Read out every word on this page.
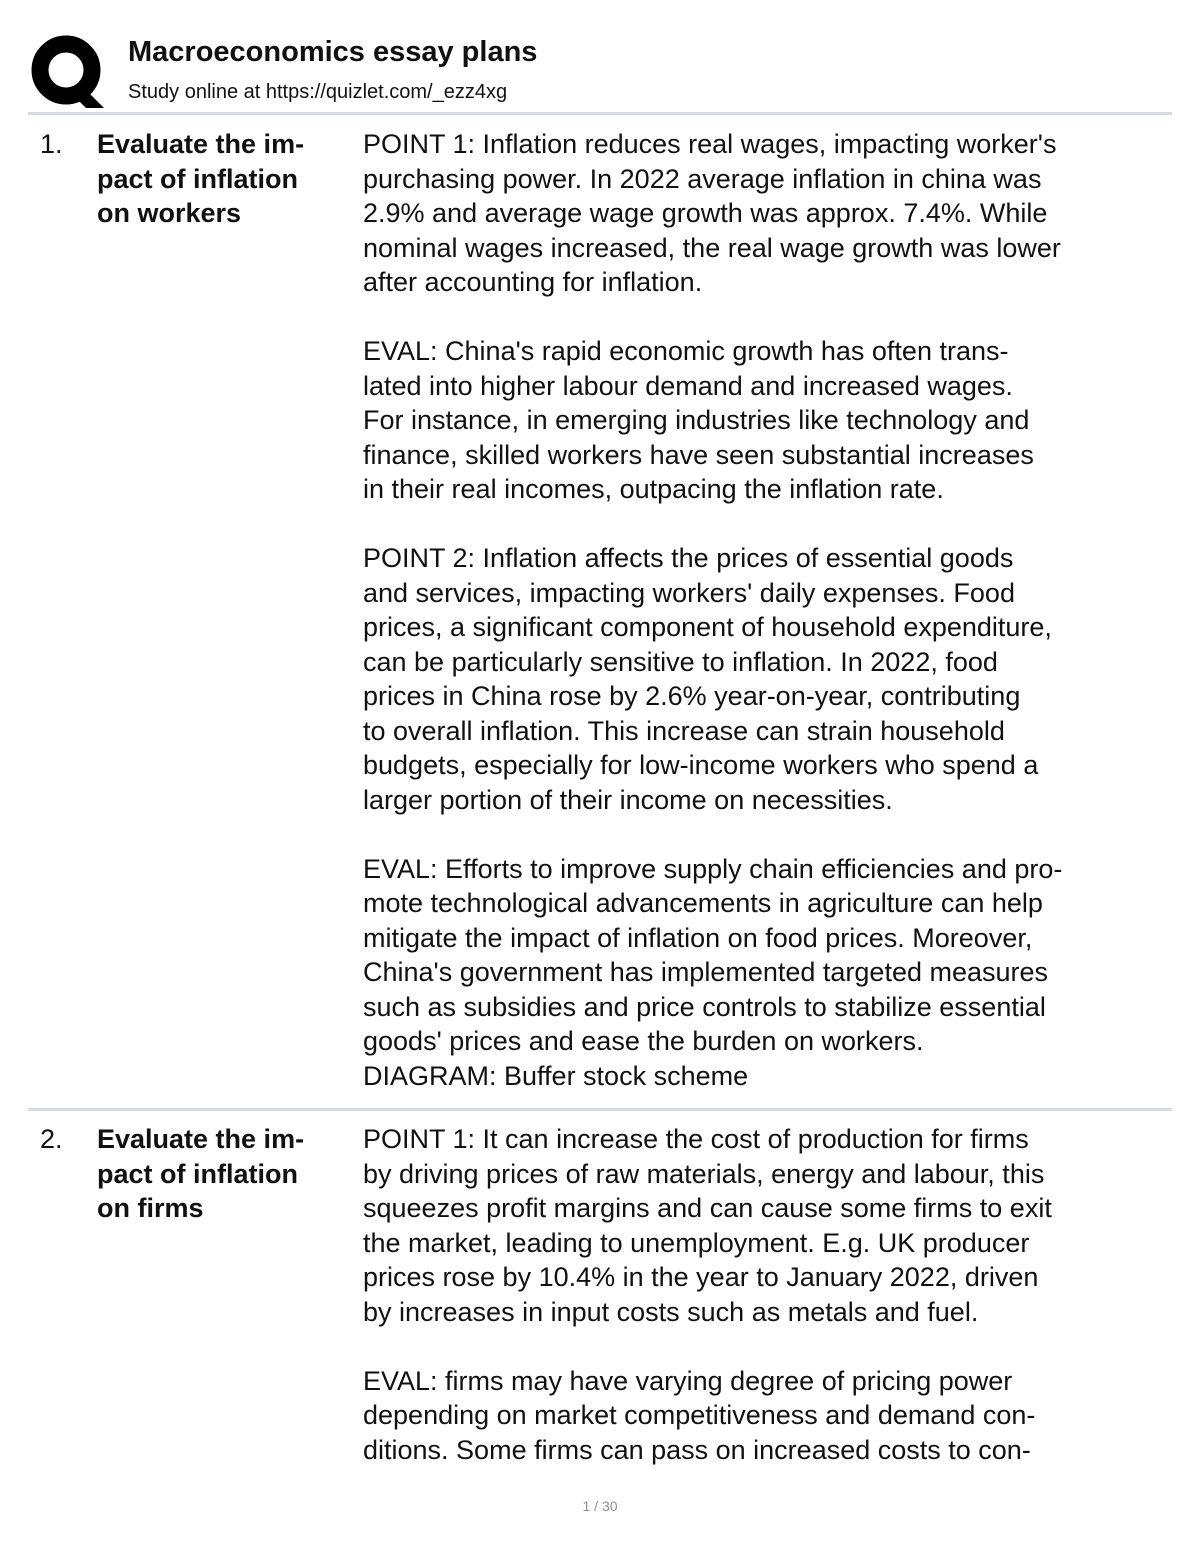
Macroeconomics essay plans
Study online at https://quizlet.com/_ezz4xg
1. Evaluate the im-
pact of inflation
on workers
POINT 1: Inflation reduces real wages, impacting worker's
purchasing power. In 2022 average inflation in china was
2.9% and average wage growth was approx. 7.4%. While
nominal wages increased, the real wage growth was lower
after accounting for inflation.
EVAL: China's rapid economic growth has often trans-
lated into higher labour demand and increased wages.
For instance, in emerging industries like technology and
finance, skilled workers have seen substantial increases
in their real incomes, outpacing the inflation rate.
POINT 2: Inflation affects the prices of essential goods
and services, impacting workers' daily expenses. Food
prices, a significant component of household expenditure,
can be particularly sensitive to inflation. In 2022, food
prices in China rose by 2.6% year-on-year, contributing
to overall inflation. This increase can strain household
budgets, especially for low-income workers who spend a
larger portion of their income on necessities.
EVAL: Efforts to improve supply chain efficiencies and pro-
mote technological advancements in agriculture can help
mitigate the impact of inflation on food prices. Moreover,
China's government has implemented targeted measures
such as subsidies and price controls to stabilize essential
goods' prices and ease the burden on workers.
DIAGRAM: Buffer stock scheme
2. Evaluate the im-
pact of inflation
on firms
POINT 1: It can increase the cost of production for firms
by driving prices of raw materials, energy and labour, this
squeezes profit margins and can cause some firms to exit
the market, leading to unemployment. E.g. UK producer
prices rose by 10.4% in the year to January 2022, driven
by increases in input costs such as metals and fuel.
EVAL: firms may have varying degree of pricing power
depending on market competitiveness and demand con-
ditions. Some firms can pass on increased costs to con-
1 / 30
